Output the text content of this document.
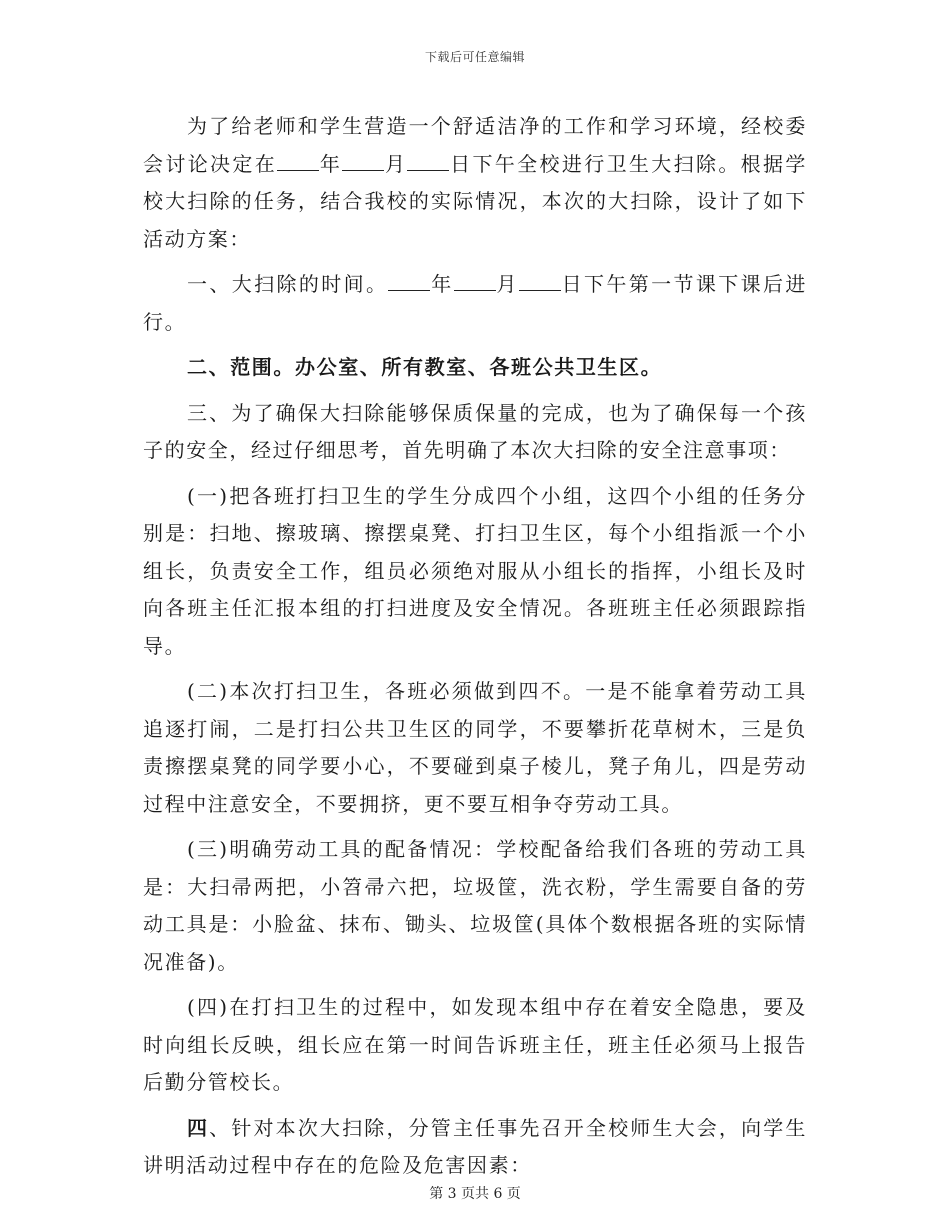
下载后可任意编辑

为了给老师和学生营造一个舒适洁净的工作和学习环境，经校委会讨论决定在 年 月 日下午全校进行卫生大扫除。根据学校大扫除的任务，结合我校的实际情况，本次的大扫除，设计了如下活动方案：

一、大扫除的时间。 年 月 日下午第一节课下课后进行。

二、范围。办公室、所有教室、各班公共卫生区。

三、为了确保大扫除能够保质保量的完成，也为了确保每一个孩子的安全，经过仔细思考，首先明确了本次大扫除的安全注意事项：

(一)把各班打扫卫生的学生分成四个小组，这四个小组的任务分别是：扫地、擦玻璃、擦摆桌凳、打扫卫生区，每个小组指派一个小组长，负责安全工作，组员必须绝对服从小组长的指挥，小组长及时向各班主任汇报本组的打扫进度及安全情况。各班班主任必须跟踪指导。

(二)本次打扫卫生，各班必须做到四不。一是不能拿着劳动工具追逐打闹，二是打扫公共卫生区的同学，不要攀折花草树木，三是负责擦摆桌凳的同学要小心，不要碰到桌子棱儿，凳子角儿，四是劳动过程中注意安全，不要拥挤，更不要互相争夺劳动工具。

(三)明确劳动工具的配备情况：学校配备给我们各班的劳动工具是：大扫帚两把，小笤帚六把，垃圾筐，洗衣粉，学生需要自备的劳动工具是：小脸盆、抹布、锄头、垃圾筐(具体个数根据各班的实际情况准备)。

(四)在打扫卫生的过程中，如发现本组中存在着安全隐患，要及时向组长反映，组长应在第一时间告诉班主任，班主任必须马上报告后勤分管校长。

四、针对本次大扫除，分管主任事先召开全校师生大会，向学生讲明活动过程中存在的危险及危害因素：

第 3 页共 6 页
